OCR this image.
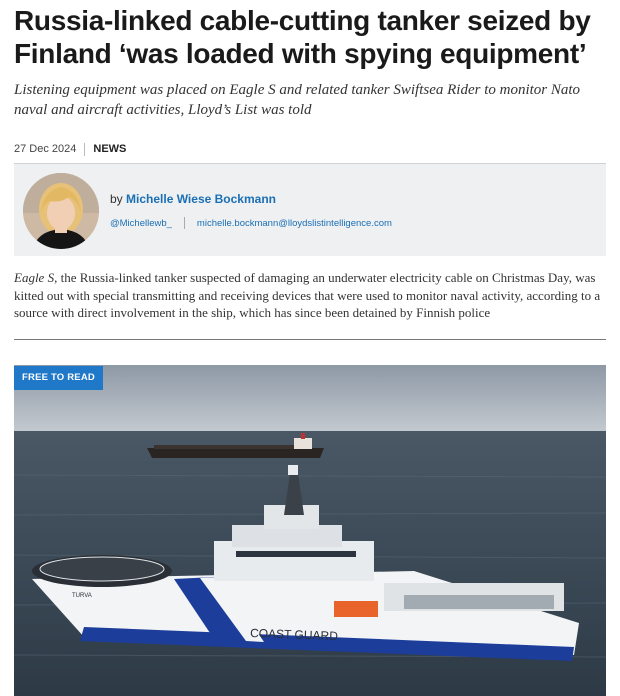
Russia-linked cable-cutting tanker seized by
Finland ‘was loaded with spying equipment’

Listening equipment was placed on Eagle S and related tanker Swiftsea Rider to monitor Nato naval and aircraft activities, Lloyd’s List was told

27 Dec 2024 NEWS
by Michelle Wiese Bockmann
@Michellewb_	michelle.bockmann@lloydslistintelligence.com

Eagle S, the Russia-linked tanker suspected of damaging an underwater electricity cable on Christmas Day, was kitted out with special transmitting and receiving devices that were used to monitor naval activity, according to a source with direct involvement in the ship, which has since been detained by Finnish police

COAST GUARD
TURVA
FREE TO READ
